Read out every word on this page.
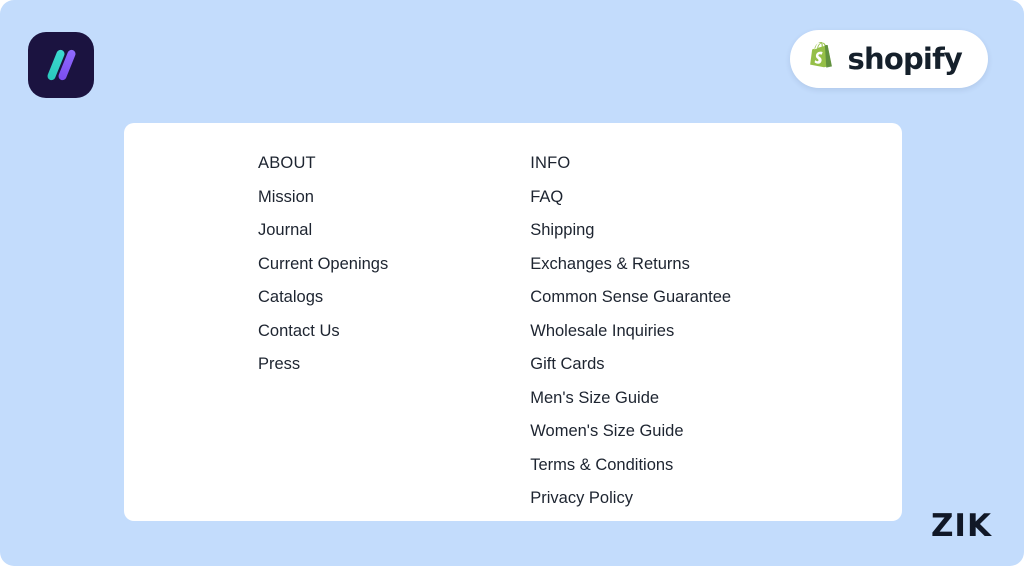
shopify
ABOUT
Mission
Journal
Current Openings
Catalogs
Contact Us
Press
INFO
FAQ
Shipping
Exchanges & Returns
Common Sense Guarantee
Wholesale Inquiries
Gift Cards
Men's Size Guide
Women's Size Guide
Terms & Conditions
Privacy Policy
ZIK
